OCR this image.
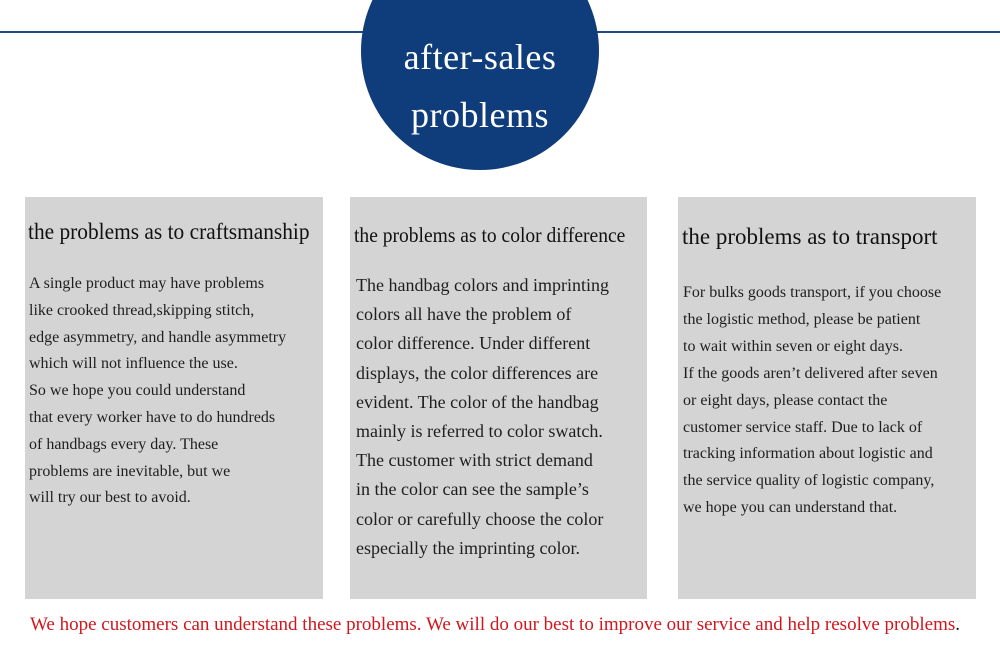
after-sales
problems
the problems as to craftsmanship
A single product may have problems
like crooked thread,skipping stitch,
edge asymmetry, and handle asymmetry
which will not influence the use.
So we hope you could understand
that every worker have to do hundreds
of handbags every day. These
problems are inevitable, but we
will try our best to avoid.
the problems as to color difference
The handbag colors and imprinting
colors all have the problem of
color difference. Under different
displays, the color differences are
evident. The color of the handbag
mainly is referred to color swatch.
The customer with strict demand
in the color can see the sample’s
color or carefully choose the color
especially the imprinting color.
the problems as to transport
For bulks goods transport, if you choose
the logistic method, please be patient
to wait within seven or eight days.
If the goods aren’t delivered after seven
or eight days, please contact the
customer service staff. Due to lack of
tracking information about logistic and
the service quality of logistic company,
we hope you can understand that.
We hope customers can understand these problems. We will do our best to improve our service and help resolve problems.
